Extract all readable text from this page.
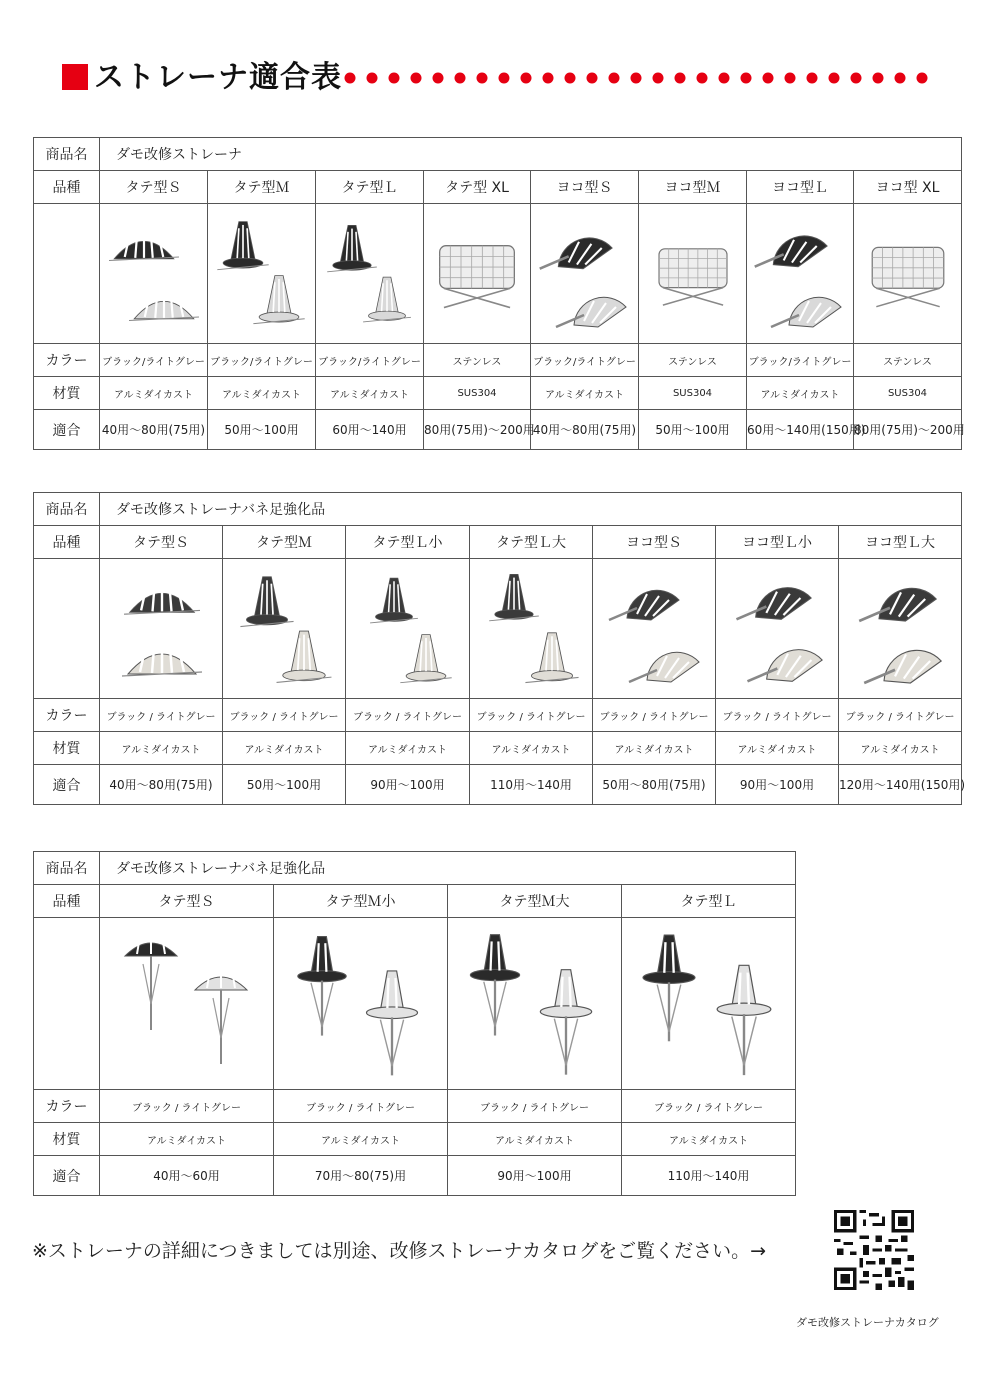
ストレーナ適合表
商品名	ダモ改修ストレーナ							
品種	タテ型Ｓ	タテ型Ｍ	タテ型Ｌ	タテ型 XL	ヨコ型Ｓ	ヨコ型Ｍ	ヨコ型Ｌ	ヨコ型 XL

カラー	ブラック/ライトグレー	ブラック/ライトグレー	ブラック/ライトグレー	ステンレス	ブラック/ライトグレー	ステンレス	ブラック/ライトグレー	ステンレス
材質	アルミダイカスト	アルミダイカスト	アルミダイカスト	SUS304	アルミダイカスト	SUS304	アルミダイカスト	SUS304
適合	40用～80用(75用)	50用～100用	60用～140用	80用(75用)～200用	40用～80用(75用)	50用～100用	60用～140用(150用)	80用(75用)～200用
商品名	ダモ改修ストレーナバネ足強化品						
品種	タテ型Ｓ	タテ型Ｍ	タテ型Ｌ小	タテ型Ｌ大	ヨコ型Ｓ	ヨコ型Ｌ小	ヨコ型Ｌ大

カラー	ブラック / ライトグレー	ブラック / ライトグレー	ブラック / ライトグレー	ブラック / ライトグレー	ブラック / ライトグレー	ブラック / ライトグレー	ブラック / ライトグレー
材質	アルミダイカスト	アルミダイカスト	アルミダイカスト	アルミダイカスト	アルミダイカスト	アルミダイカスト	アルミダイカスト
適合	40用～80用(75用)	50用～100用	90用～100用	110用～140用	50用～80用(75用)	90用～100用	120用～140用(150用)
商品名	ダモ改修ストレーナバネ足強化品			
品種	タテ型Ｓ	タテ型Ｍ小	タテ型Ｍ大	タテ型Ｌ

カラー	ブラック / ライトグレー	ブラック / ライトグレー	ブラック / ライトグレー	ブラック / ライトグレー
材質	アルミダイカスト	アルミダイカスト	アルミダイカスト	アルミダイカスト
適合	40用～60用	70用～80(75)用	90用～100用	110用～140用
※ストレーナの詳細につきましては別途、改修ストレーナカタログをご覧ください。→
ダモ改修ストレーナカタログ
